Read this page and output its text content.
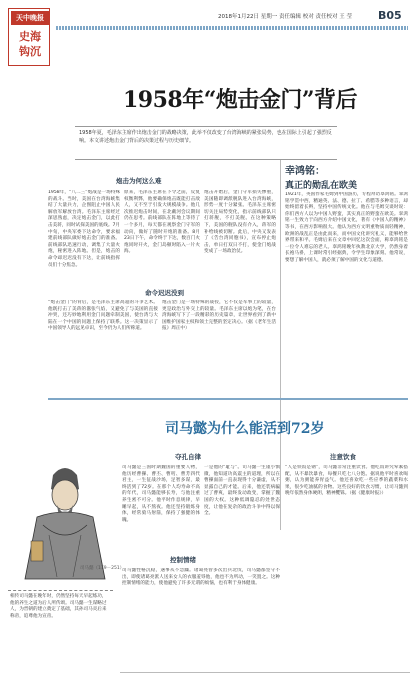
天中晚报
史海
钩沉
2018年1月22日 星期一 责任编辑 校对 责任校对 王 莹 B05
1958年“炮击金门”背后
1958年夏，毛泽东主席作出炮击金门的战略决策，此举不仅改变了台湾海峡的紧张局势，也在国际上引起了强烈反响。本文讲述炮击金门背后的决策过程与历史细节。
幸鸿铭：
真正的勋乱在欧美
1921年，英国作家毛姆到中国游历，专程拜访辜鸿铭。辜鸿铭学贯中西，精通英、法、德、拉丁、希腊等多种语言，却始终留着长辫，坚持中国传统文化。他在与毛姆交谈时说：你们西方人以为中国人野蛮，其实真正的野蛮在欧美。辜鸿铭一生致力于向西方介绍中国文化，著有《中国人的精神》等书，在西方影响很大。他认为西方文明重物质而轻精神，欧洲的战乱正是由此而来，而中国文化讲究礼义，能够给世界带来和平。毛姆后来在文章中回忆这次会面，称辜鸿铭是一位令人难忘的老人。辜鸿铭晚年执教北京大学，仍然身着长袍马褂，上课时常引经据典，令学生印象深刻。他常说，要想了解中国人，就必须了解中国的文化与道德。
炮击为何这么难
1958年，“八二三”炮战是一场特殊的战斗。当时，美国在台湾海峡集结了大量兵力，企图阻止中国人民解放军解放台湾。毛泽东主席经过深思熟虑，决定炮击金门，以此打击美蒋，同时试探美国的底线。7月中旬，中央军委下达命令，要求福建前线部队做好炮击金门的准备。前线部队迅速行动，调集了大量火炮，秘密进入阵地。但是，炮击的命令却迟迟没有下达，让前线指挥员们十分焦急。
原来，毛泽东主席在下令之前，反复权衡利弊，他要确保炮击既能打击敌人，又不至于引发大规模战争。他几次推迟炮击时间，在北戴河会议期间仍在思考。前线部队在阵地上等待了一个多月，每天都在观察金门守军的动向，做好了随时开炮的准备。8月23日下午，命令终于下达，数百门火炮同时开火，金门岛顿时陷入一片火海。
炮击开始后，金门守军损失惨重，美国随即调派舰队进入台湾海峡，形势一度十分紧张。毛泽东主席密切关注局势变化，指示前线部队只打蒋舰，不打美舰。在这种策略下，美国的舰队没有介入，蒋军的补给线被切断。此后，中央又发表了《告台湾同胞书》，宣布停止炮击，单日打双日不打，使金门炮战变成了一场政治仗。
命令迟迟没到
“炮击金门”的背后，是毛泽东主席高超的斗争艺术。他既打击了美蒋的嚣张气焰，又避免了与美国的直接冲突，还巧妙地利用金门问题牵制美国，使台湾与大陆在一个中国的问题上保持了联系。这一决策显示了中国领导人的远见卓识，至今仍为人们所称道。
炮击金门是一场特殊的战役，它不仅是军事上的较量，更是政治与外交上的较量。毛泽东主席以炮为笔，在台湾海峡写下了一段精彩的历史篇章，让世界看到了新中国维护国家主权和领土完整的坚定决心。（据《老年生活报》周正中）
司马懿为什么能活到72岁
司马懿（179－251）
夺孔自律
司马懿是三国时期魏国的重要人物，他历经曹操、曹丕、曹叨、曹芳四代君主，一生征战沙场，足智多谋，最终活到了72岁。在那个人均寿命不高的年代，司马懿能够长寿，与他注重养生密不可分。他平时作息规律，早睡早起，从不熬夜。他还坚持锻炼身体，经常骑马射箭，保持了强健的体魄。
一是他的“耻与”。司马懿一生谨小慎微，他知道功高震主的道理，所以在曹操面前一直表现得十分谦虚，从不显露自己的才能。后来，他还装病骗过了曹爽，最终发动政变，掌握了魏国的大权。这种低调隐忍的处世态度，让他在复杂的政治斗争中得以保全。
控制情绪
司马懿性格沉稳，遇事从不急躁。诸葛亮曾多次出兵北伐，司马懿都坚守不出，即使诸葛亮派人送来女人的衣服羞辱他，他也不为所动，一笑置之。这种控制情绪的能力，使他避免了许多无谓的烦恼，也有利于身体健康。
注意饮食
“人是铁饭是钢”，司马懿非常注重饮食。他吃饭讲究荤素搭配，从不暴饮暴食，每餐只吃七八分饱。据说他平时喜欢喝粥，认为粥能养胃益气。他还喜欢吃一些应季的蔬菜和水果，很少吃油腻的食物。这些良好的饮食习惯，让司马懿到晚年依然身体硬朗，精神矍铄。（据《健康时报》）
相传司马懿在晚年时，仍然坚持每天早起练功，他的养生之道为后人所传颂。司马懿一生谋略过人，为晋朝的建立奠定了基础，其孙司马炎后来称帝，追尊他为宣帝。
